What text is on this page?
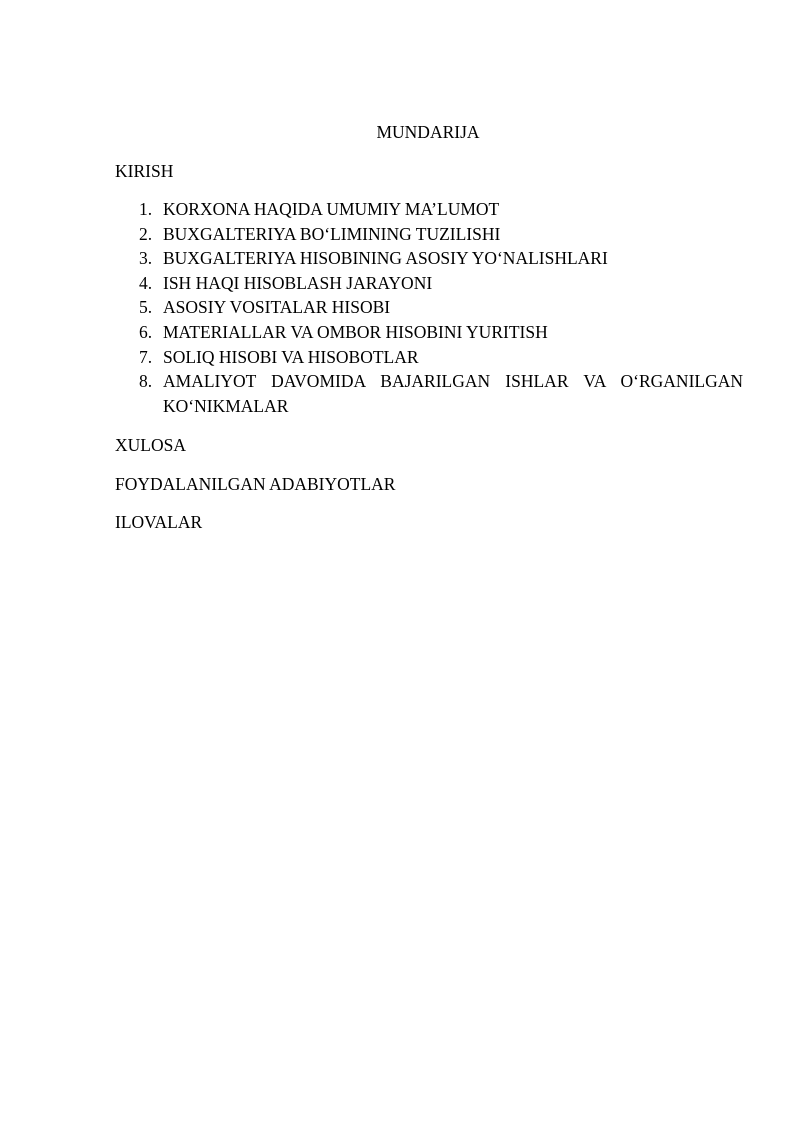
MUNDARIJA
KIRISH
1. KORXONA HAQIDA UMUMIY MA’LUMOT
2. BUXGALTERIYA BO‘LIMINING TUZILISHI
3. BUXGALTERIYA HISOBINING ASOSIY YO‘NALISHLARI
4. ISH HAQI HISOBLASH JARAYONI
5. ASOSIY VOSITALAR HISOBI
6. MATERIALLAR VA OMBOR HISOBINI YURITISH
7. SOLIQ HISOBI VA HISOBOTLAR
8. AMALIYOT DAVOMIDA BAJARILGAN ISHLAR VA O‘RGANILGAN KO‘NIKMALAR
XULOSA
FOYDALANILGAN ADABIYOTLAR
ILOVALAR
